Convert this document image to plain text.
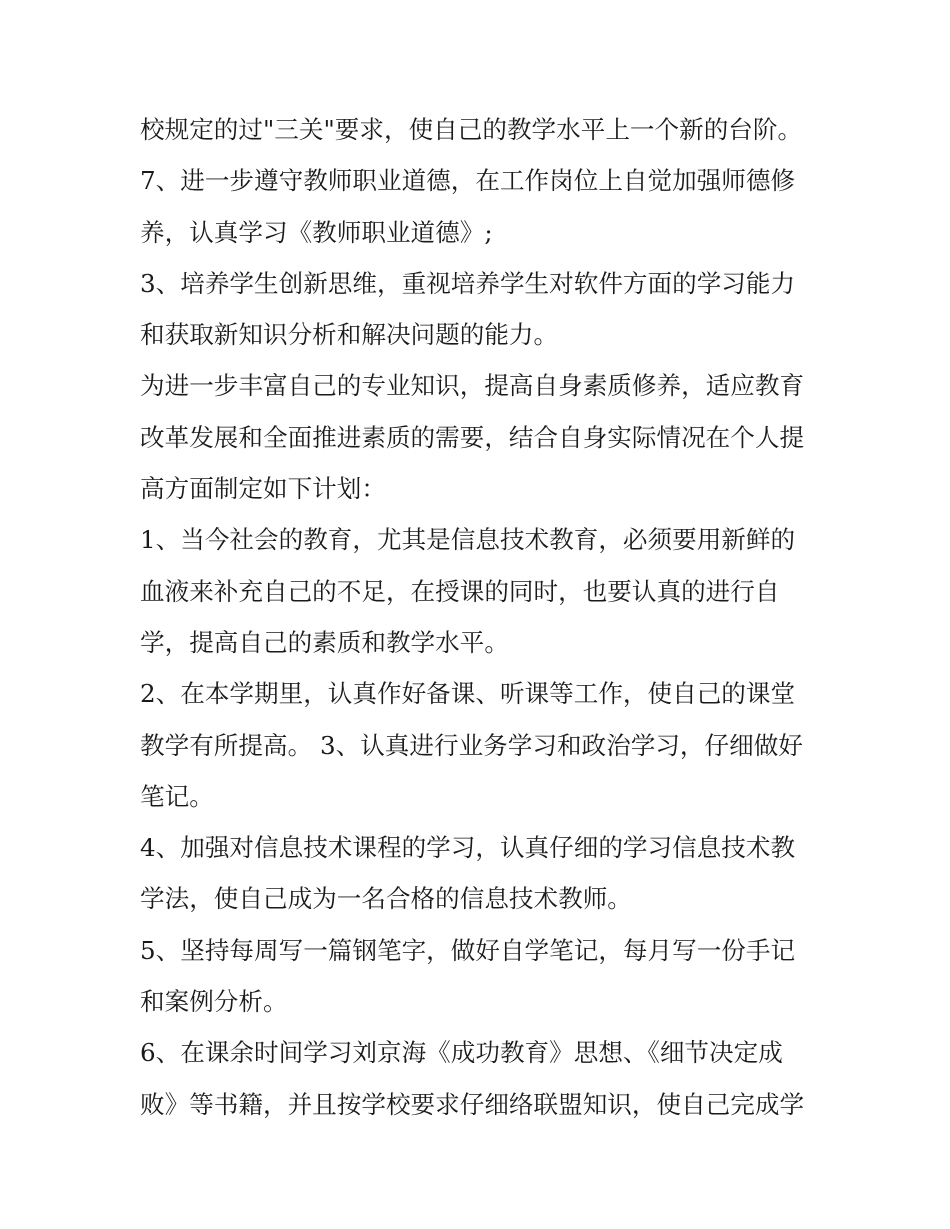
校规定的过"三关"要求，使自己的教学水平上一个新的台阶。
7、进一步遵守教师职业道德，在工作岗位上自觉加强师德修
养，认真学习《教师职业道德》;
3、培养学生创新思维，重视培养学生对软件方面的学习能力
和获取新知识分析和解决问题的能力。
为进一步丰富自己的专业知识，提高自身素质修养，适应教育
改革发展和全面推进素质的需要，结合自身实际情况在个人提
高方面制定如下计划：
1、当今社会的教育，尤其是信息技术教育，必须要用新鲜的
血液来补充自己的不足，在授课的同时，也要认真的进行自
学，提高自己的素质和教学水平。
2、在本学期里，认真作好备课、听课等工作，使自己的课堂
教学有所提高。 3、认真进行业务学习和政治学习，仔细做好
笔记。
4、加强对信息技术课程的学习，认真仔细的学习信息技术教
学法，使自己成为一名合格的信息技术教师。
5、坚持每周写一篇钢笔字，做好自学笔记，每月写一份手记
和案例分析。
6、在课余时间学习刘京海《成功教育》思想、《细节决定成
败》等书籍，并且按学校要求仔细络联盟知识，使自己完成学
